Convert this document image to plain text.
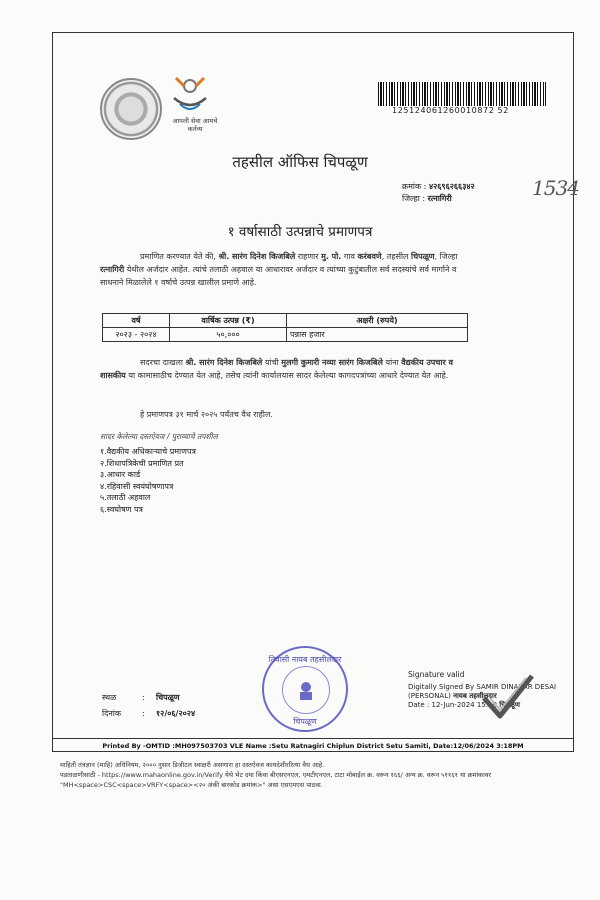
आपली सेवा आमचे कर्तव्य
125124061260010872 52
तहसील ऑफिस चिपळूण
क्रमांक : ४२६९६२६६३४२
जिल्हा : रत्नागिरी	1534
१ वर्षासाठी उत्पन्नाचे प्रमाणपत्र
प्रमाणित करण्यात येते की, श्री. सारंग दिनेश किजबिले राहणार मु. पो. गाव करंबवणे, तहसील चिपळूण, जिल्हा रत्नागिरी येथील अर्जदार आहेत. त्यांचे तलाठी अहवाल या आधारावर अर्जदार व त्यांच्या कुटुंबातील सर्व सदस्यांचे सर्व मार्गाने व साधनाने मिळालेले १ वर्षाचे उत्पन्न खालील प्रमाणे आहे.
वर्ष	वार्षिक उत्पन्न (₹)	अक्षरी (रुपये)
२०२३ - २०२४	५०,०००	पन्नास हजार
सदरचा दाखला श्री. सारंग दिनेश किजबिले यांची मुलगी कुमारी नव्या सारंग किजबिले यांना वैद्यकीय उपचार व शासकीय या कामासाठीच देण्यात येत आहे, तसेच त्यांनी कार्यालयास सादर केलेल्या कागदपत्रांच्या आधारे देण्यात येत आहे.
हे प्रमाणपत्र ३१ मार्च २०२५ पर्यंतच वैध राहील.
सादर केलेल्या दस्तऐवज / पुराव्याचे तपशील
१.वैद्यकीय अधिकाऱ्याचे प्रमाणपत्र
२.शिधापत्रिकेची प्रमाणित प्रत
३.आधार कार्ड
४.रहिवासी स्वयंघोषणापत्र
५.तलाठी अहवाल
६.स्वघोषण पत्र
स्थळ	: चिपळूण
दिनांक	: १२/०६/२०२४
तिवासी नायब तहसीलदार
चिपळूण
Signature valid
Digitally Signed By SAMIR DINAKAR DESAI
(PERSONAL) नायब तहसीलदार
Date : 12-Jun-2024 15:19 चिपळूण
Printed By -OMTID :MH097503703 VLE Name :Setu Ratnagiri Chiplun District Setu Samiti, Date:12/06/2024 3:18PM
माहिती तंत्रज्ञान (माहि) अधिनियम, २००० नुसार डिजीटल स्वाक्षरी असणारा हा दस्तऐवज कायदेशीररित्या वैध आहे.
पडताळणीसाठी - https://www.mahaonline.gov.in/Verify येथे भेट दया किंवा बीएसएनएल, एमटीएनएल, टाटा मोबाईल क्र. वरून १६६/ अन्य क्र. वरून ५११६१ या क्रमांकावर
"MH<space>CSC<space>VRFY<space><२० अंकी बारकोड क्रमांक>" असा एसएमएस पाठवा.
